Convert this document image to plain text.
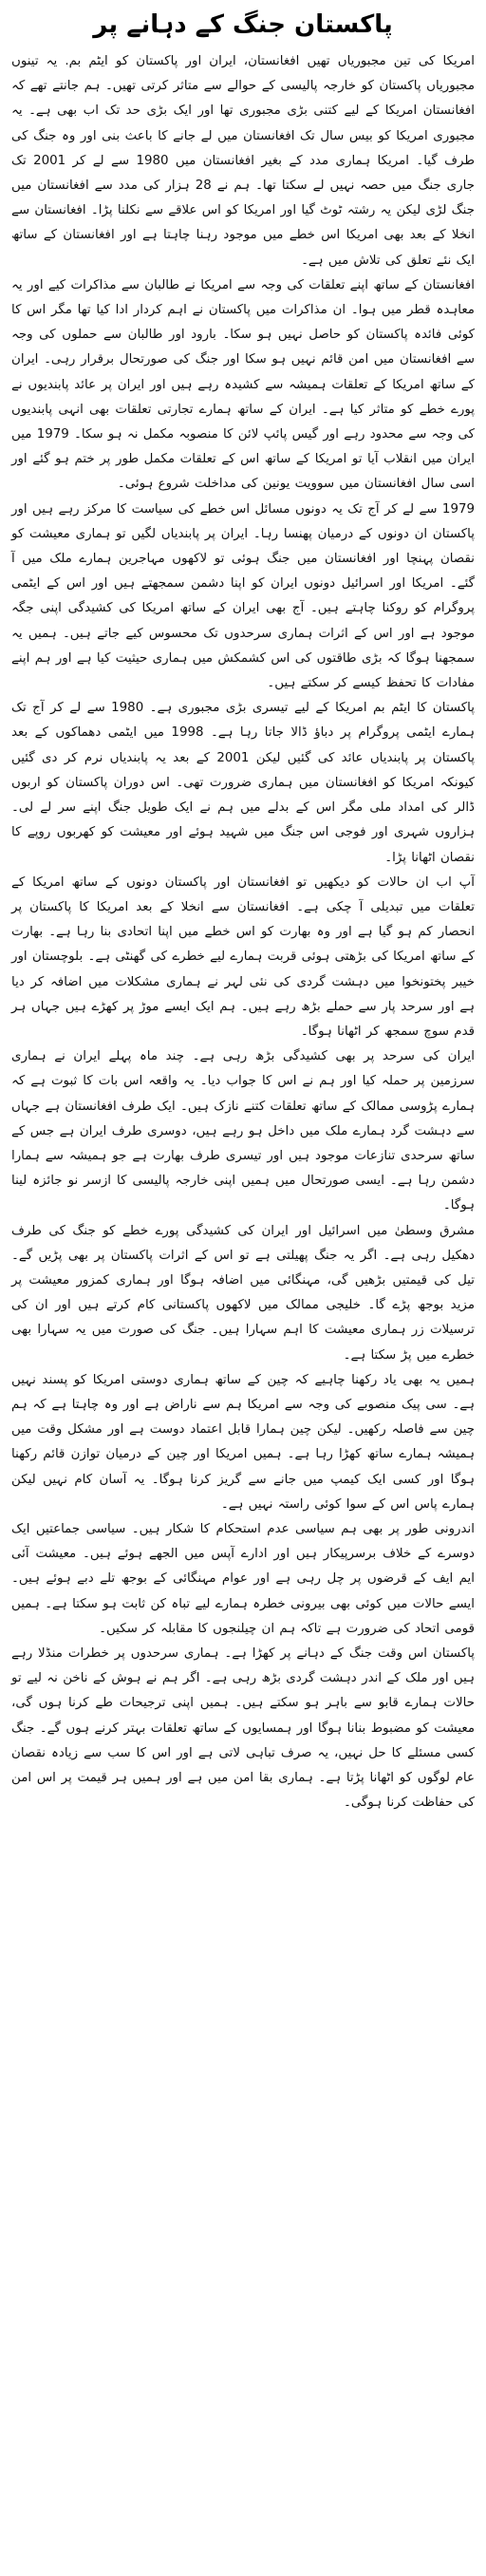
پاکستان جنگ کے دہانے پر

امریکا کی تین مجبوریاں تھیں افغانستان، ایران اور پاکستان کو ایٹم بم. یہ تینوں مجبوریاں پاکستان کو خارجہ پالیسی کے حوالے سے متاثر کرتی تھیں۔ ہم جانتے تھے کہ افغانستان امریکا کے لیے کتنی بڑی مجبوری تھا اور ایک بڑی حد تک اب بھی ہے۔ یہ مجبوری امریکا کو بیس سال تک افغانستان میں لے جانے کا باعث بنی اور وہ جنگ کی طرف گیا۔ امریکا ہماری مدد کے بغیر افغانستان میں 1980 سے لے کر 2001 تک جاری جنگ میں حصہ نہیں لے سکتا تھا۔ ہم نے 28 ہزار کی مدد سے افغانستان میں جنگ لڑی لیکن یہ رشتہ ٹوٹ گیا اور امریکا کو اس علاقے سے نکلنا پڑا۔ افغانستان سے انخلا کے بعد بھی امریکا اس خطے میں موجود رہنا چاہتا ہے اور افغانستان کے ساتھ ایک نئے تعلق کی تلاش میں ہے۔

افغانستان کے ساتھ اپنے تعلقات کی وجہ سے امریکا نے طالبان سے مذاکرات کیے اور یہ معاہدہ قطر میں ہوا۔ ان مذاکرات میں پاکستان نے اہم کردار ادا کیا تھا مگر اس کا کوئی فائدہ پاکستان کو حاصل نہیں ہو سکا۔ بارود اور طالبان سے حملوں کی وجہ سے افغانستان میں امن قائم نہیں ہو سکا اور جنگ کی صورتحال برقرار رہی۔ ایران کے ساتھ امریکا کے تعلقات ہمیشہ سے کشیدہ رہے ہیں اور ایران پر عائد پابندیوں نے پورے خطے کو متاثر کیا ہے۔ ایران کے ساتھ ہمارے تجارتی تعلقات بھی انہی پابندیوں کی وجہ سے محدود رہے اور گیس پائپ لائن کا منصوبہ مکمل نہ ہو سکا۔ 1979 میں ایران میں انقلاب آیا تو امریکا کے ساتھ اس کے تعلقات مکمل طور پر ختم ہو گئے اور اسی سال افغانستان میں سوویت یونین کی مداخلت شروع ہوئی۔

1979 سے لے کر آج تک یہ دونوں مسائل اس خطے کی سیاست کا مرکز رہے ہیں اور پاکستان ان دونوں کے درمیان پھنسا رہا۔ ایران پر پابندیاں لگیں تو ہماری معیشت کو نقصان پہنچا اور افغانستان میں جنگ ہوئی تو لاکھوں مہاجرین ہمارے ملک میں آ گئے۔ امریکا اور اسرائیل دونوں ایران کو اپنا دشمن سمجھتے ہیں اور اس کے ایٹمی پروگرام کو روکنا چاہتے ہیں۔ آج بھی ایران کے ساتھ امریکا کی کشیدگی اپنی جگہ موجود ہے اور اس کے اثرات ہماری سرحدوں تک محسوس کیے جاتے ہیں۔ ہمیں یہ سمجھنا ہوگا کہ بڑی طاقتوں کی اس کشمکش میں ہماری حیثیت کیا ہے اور ہم اپنے مفادات کا تحفظ کیسے کر سکتے ہیں۔

پاکستان کا ایٹم بم امریکا کے لیے تیسری بڑی مجبوری ہے۔ 1980 سے لے کر آج تک ہمارے ایٹمی پروگرام پر دباؤ ڈالا جاتا رہا ہے۔ 1998 میں ایٹمی دھماکوں کے بعد پاکستان پر پابندیاں عائد کی گئیں لیکن 2001 کے بعد یہ پابندیاں نرم کر دی گئیں کیونکہ امریکا کو افغانستان میں ہماری ضرورت تھی۔ اس دوران پاکستان کو اربوں ڈالر کی امداد ملی مگر اس کے بدلے میں ہم نے ایک طویل جنگ اپنے سر لے لی۔ ہزاروں شہری اور فوجی اس جنگ میں شہید ہوئے اور معیشت کو کھربوں روپے کا نقصان اٹھانا پڑا۔

آپ اب ان حالات کو دیکھیں تو افغانستان اور پاکستان دونوں کے ساتھ امریکا کے تعلقات میں تبدیلی آ چکی ہے۔ افغانستان سے انخلا کے بعد امریکا کا پاکستان پر انحصار کم ہو گیا ہے اور وہ بھارت کو اس خطے میں اپنا اتحادی بنا رہا ہے۔ بھارت کے ساتھ امریکا کی بڑھتی ہوئی قربت ہمارے لیے خطرے کی گھنٹی ہے۔ بلوچستان اور خیبر پختونخوا میں دہشت گردی کی نئی لہر نے ہماری مشکلات میں اضافہ کر دیا ہے اور سرحد پار سے حملے بڑھ رہے ہیں۔ ہم ایک ایسے موڑ پر کھڑے ہیں جہاں ہر قدم سوچ سمجھ کر اٹھانا ہوگا۔

ایران کی سرحد پر بھی کشیدگی بڑھ رہی ہے۔ چند ماہ پہلے ایران نے ہماری سرزمین پر حملہ کیا اور ہم نے اس کا جواب دیا۔ یہ واقعہ اس بات کا ثبوت ہے کہ ہمارے پڑوسی ممالک کے ساتھ تعلقات کتنے نازک ہیں۔ ایک طرف افغانستان ہے جہاں سے دہشت گرد ہمارے ملک میں داخل ہو رہے ہیں، دوسری طرف ایران ہے جس کے ساتھ سرحدی تنازعات موجود ہیں اور تیسری طرف بھارت ہے جو ہمیشہ سے ہمارا دشمن رہا ہے۔ ایسی صورتحال میں ہمیں اپنی خارجہ پالیسی کا ازسر نو جائزہ لینا ہوگا۔

مشرق وسطیٰ میں اسرائیل اور ایران کی کشیدگی پورے خطے کو جنگ کی طرف دھکیل رہی ہے۔ اگر یہ جنگ پھیلتی ہے تو اس کے اثرات پاکستان پر بھی پڑیں گے۔ تیل کی قیمتیں بڑھیں گی، مہنگائی میں اضافہ ہوگا اور ہماری کمزور معیشت پر مزید بوجھ پڑے گا۔ خلیجی ممالک میں لاکھوں پاکستانی کام کرتے ہیں اور ان کی ترسیلات زر ہماری معیشت کا اہم سہارا ہیں۔ جنگ کی صورت میں یہ سہارا بھی خطرے میں پڑ سکتا ہے۔

ہمیں یہ بھی یاد رکھنا چاہیے کہ چین کے ساتھ ہماری دوستی امریکا کو پسند نہیں ہے۔ سی پیک منصوبے کی وجہ سے امریکا ہم سے ناراض ہے اور وہ چاہتا ہے کہ ہم چین سے فاصلہ رکھیں۔ لیکن چین ہمارا قابل اعتماد دوست ہے اور مشکل وقت میں ہمیشہ ہمارے ساتھ کھڑا رہا ہے۔ ہمیں امریکا اور چین کے درمیان توازن قائم رکھنا ہوگا اور کسی ایک کیمپ میں جانے سے گریز کرنا ہوگا۔ یہ آسان کام نہیں لیکن ہمارے پاس اس کے سوا کوئی راستہ نہیں ہے۔

اندرونی طور پر بھی ہم سیاسی عدم استحکام کا شکار ہیں۔ سیاسی جماعتیں ایک دوسرے کے خلاف برسرپیکار ہیں اور ادارے آپس میں الجھے ہوئے ہیں۔ معیشت آئی ایم ایف کے قرضوں پر چل رہی ہے اور عوام مہنگائی کے بوجھ تلے دبے ہوئے ہیں۔ ایسے حالات میں کوئی بھی بیرونی خطرہ ہمارے لیے تباہ کن ثابت ہو سکتا ہے۔ ہمیں قومی اتحاد کی ضرورت ہے تاکہ ہم ان چیلنجوں کا مقابلہ کر سکیں۔

پاکستان اس وقت جنگ کے دہانے پر کھڑا ہے۔ ہماری سرحدوں پر خطرات منڈلا رہے ہیں اور ملک کے اندر دہشت گردی بڑھ رہی ہے۔ اگر ہم نے ہوش کے ناخن نہ لیے تو حالات ہمارے قابو سے باہر ہو سکتے ہیں۔ ہمیں اپنی ترجیحات طے کرنا ہوں گی، معیشت کو مضبوط بنانا ہوگا اور ہمسایوں کے ساتھ تعلقات بہتر کرنے ہوں گے۔ جنگ کسی مسئلے کا حل نہیں، یہ صرف تباہی لاتی ہے اور اس کا سب سے زیادہ نقصان عام لوگوں کو اٹھانا پڑتا ہے۔ ہماری بقا امن میں ہے اور ہمیں ہر قیمت پر اس امن کی حفاظت کرنا ہوگی۔
